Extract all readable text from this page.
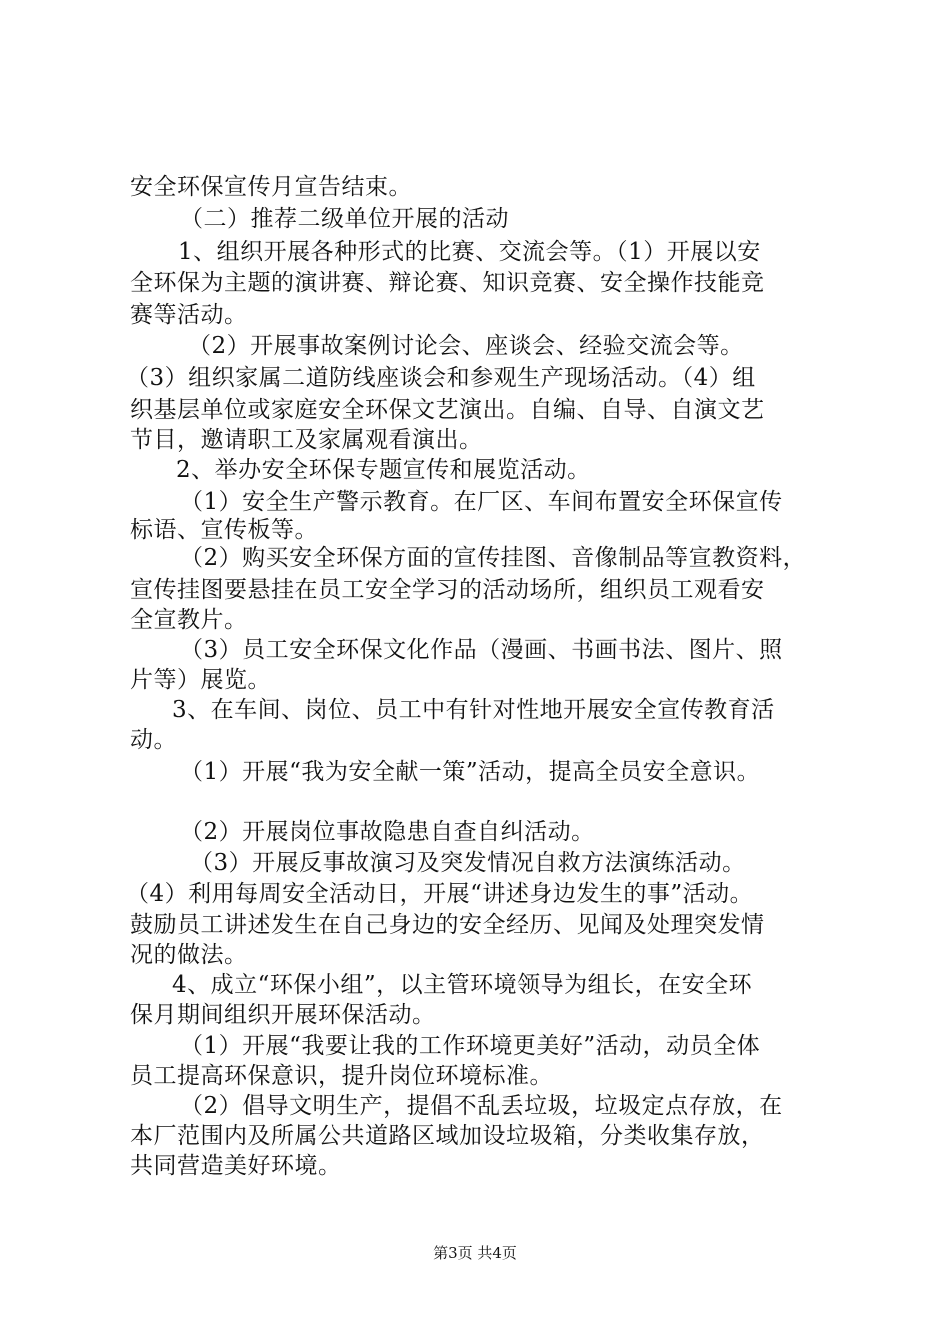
安全环保宣传月宣告结束。
（二）推荐二级单位开展的活动
1、组织开展各种形式的比赛、交流会等。（1）开展以安
全环保为主题的演讲赛、辩论赛、知识竞赛、安全操作技能竞
赛等活动。
（2）开展事故案例讨论会、座谈会、经验交流会等。
（3）组织家属二道防线座谈会和参观生产现场活动。（4）组
织基层单位或家庭安全环保文艺演出。自编、自导、自演文艺
节目，邀请职工及家属观看演出。
2、举办安全环保专题宣传和展览活动。
（1）安全生产警示教育。在厂区、车间布置安全环保宣传
标语、宣传板等。
（2）购买安全环保方面的宣传挂图、音像制品等宣教资料，
宣传挂图要悬挂在员工安全学习的活动场所，组织员工观看安
全宣教片。
（3）员工安全环保文化作品（漫画、书画书法、图片、照
片等）展览。
3、在车间、岗位、员工中有针对性地开展安全宣传教育活
动。
（1）开展“我为安全献一策”活动，提高全员安全意识。
（2）开展岗位事故隐患自查自纠活动。
（3）开展反事故演习及突发情况自救方法演练活动。
（4）利用每周安全活动日，开展“讲述身边发生的事”活动。
鼓励员工讲述发生在自己身边的安全经历、见闻及处理突发情
况的做法。
4、成立“环保小组”，以主管环境领导为组长，在安全环
保月期间组织开展环保活动。
（1）开展“我要让我的工作环境更美好”活动，动员全体
员工提高环保意识，提升岗位环境标准。
（2）倡导文明生产，提倡不乱丢垃圾，垃圾定点存放，在
本厂范围内及所属公共道路区域加设垃圾箱，分类收集存放，
共同营造美好环境。
第3页 共4页
